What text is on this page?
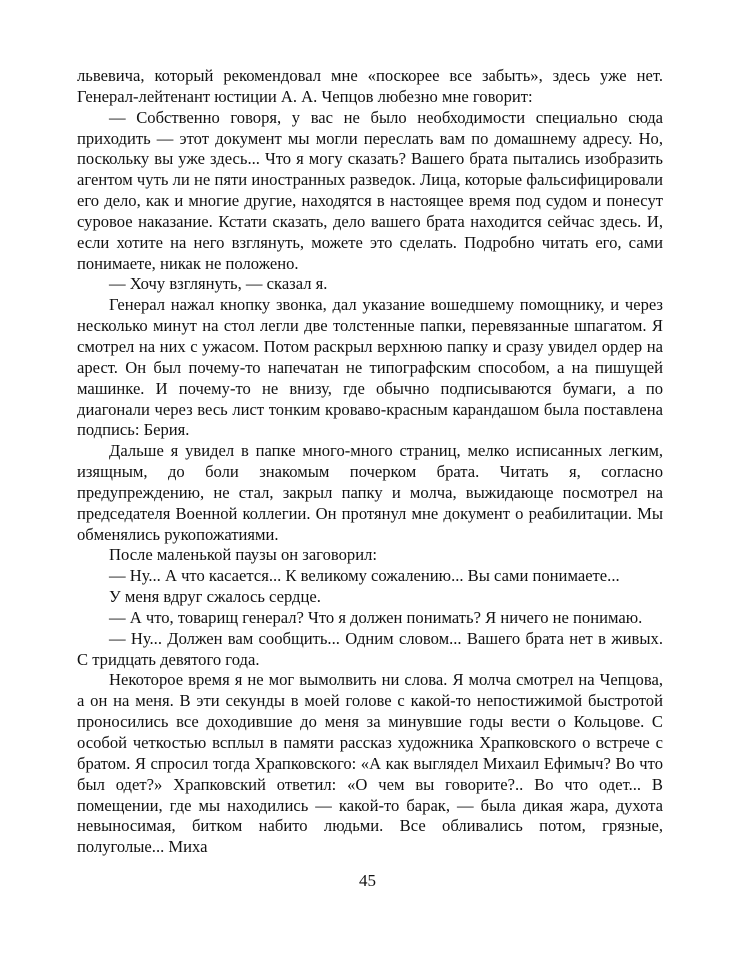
львевича, который рекомендовал мне «поскорее все забыть», здесь уже нет. Генерал-лейтенант юстиции А. А. Чепцов любезно мне говорит:

— Собственно говоря, у вас не было необходимости специально сюда приходить — этот документ мы могли переслать вам по домашнему адресу. Но, поскольку вы уже здесь... Что я могу сказать? Вашего брата пытались изобразить агентом чуть ли не пяти иностранных разведок. Лица, которые фальсифицировали его дело, как и многие другие, находятся в настоящее время под судом и понесут суровое наказание. Кстати сказать, дело вашего брата находится сейчас здесь. И, если хотите на него взглянуть, можете это сделать. Подробно читать его, сами понимаете, никак не положено.

— Хочу взглянуть, — сказал я.

Генерал нажал кнопку звонка, дал указание вошедшему помощнику, и через несколько минут на стол легли две толстенные папки, перевязанные шпагатом. Я смотрел на них с ужасом. Потом раскрыл верхнюю папку и сразу увидел ордер на арест. Он был почему-то напечатан не типографским способом, а на пишущей машинке. И почему-то не внизу, где обычно подписываются бумаги, а по диагонали через весь лист тонким кроваво-красным карандашом была поставлена подпись: Берия.

Дальше я увидел в папке много-много страниц, мелко исписанных легким, изящным, до боли знакомым почерком брата. Читать я, согласно предупреждению, не стал, закрыл папку и молча, выжидающе посмотрел на председателя Военной коллегии. Он протянул мне документ о реабилитации. Мы обменялись рукопожатиями.

После маленькой паузы он заговорил:

— Ну... А что касается... К великому сожалению... Вы сами понимаете...

У меня вдруг сжалось сердце.

— А что, товарищ генерал? Что я должен понимать? Я ничего не понимаю.

— Ну... Должен вам сообщить... Одним словом... Вашего брата нет в живых. С тридцать девятого года.

Некоторое время я не мог вымолвить ни слова. Я молча смотрел на Чепцова, а он на меня. В эти секунды в моей голове с какой-то непостижимой быстротой проносились все доходившие до меня за минувшие годы вести о Кольцове. С особой четкостью всплыл в памяти рассказ художника Храпковского о встрече с братом. Я спросил тогда Храпковского: «А как выглядел Михаил Ефимыч? Во что был одет?» Храпковский ответил: «О чем вы говорите?.. Во что одет... В помещении, где мы находились — какой-то барак, — была дикая жара, духота невыносимая, битком набито людьми. Все обливались потом, грязные, полуголые... Миха

45
